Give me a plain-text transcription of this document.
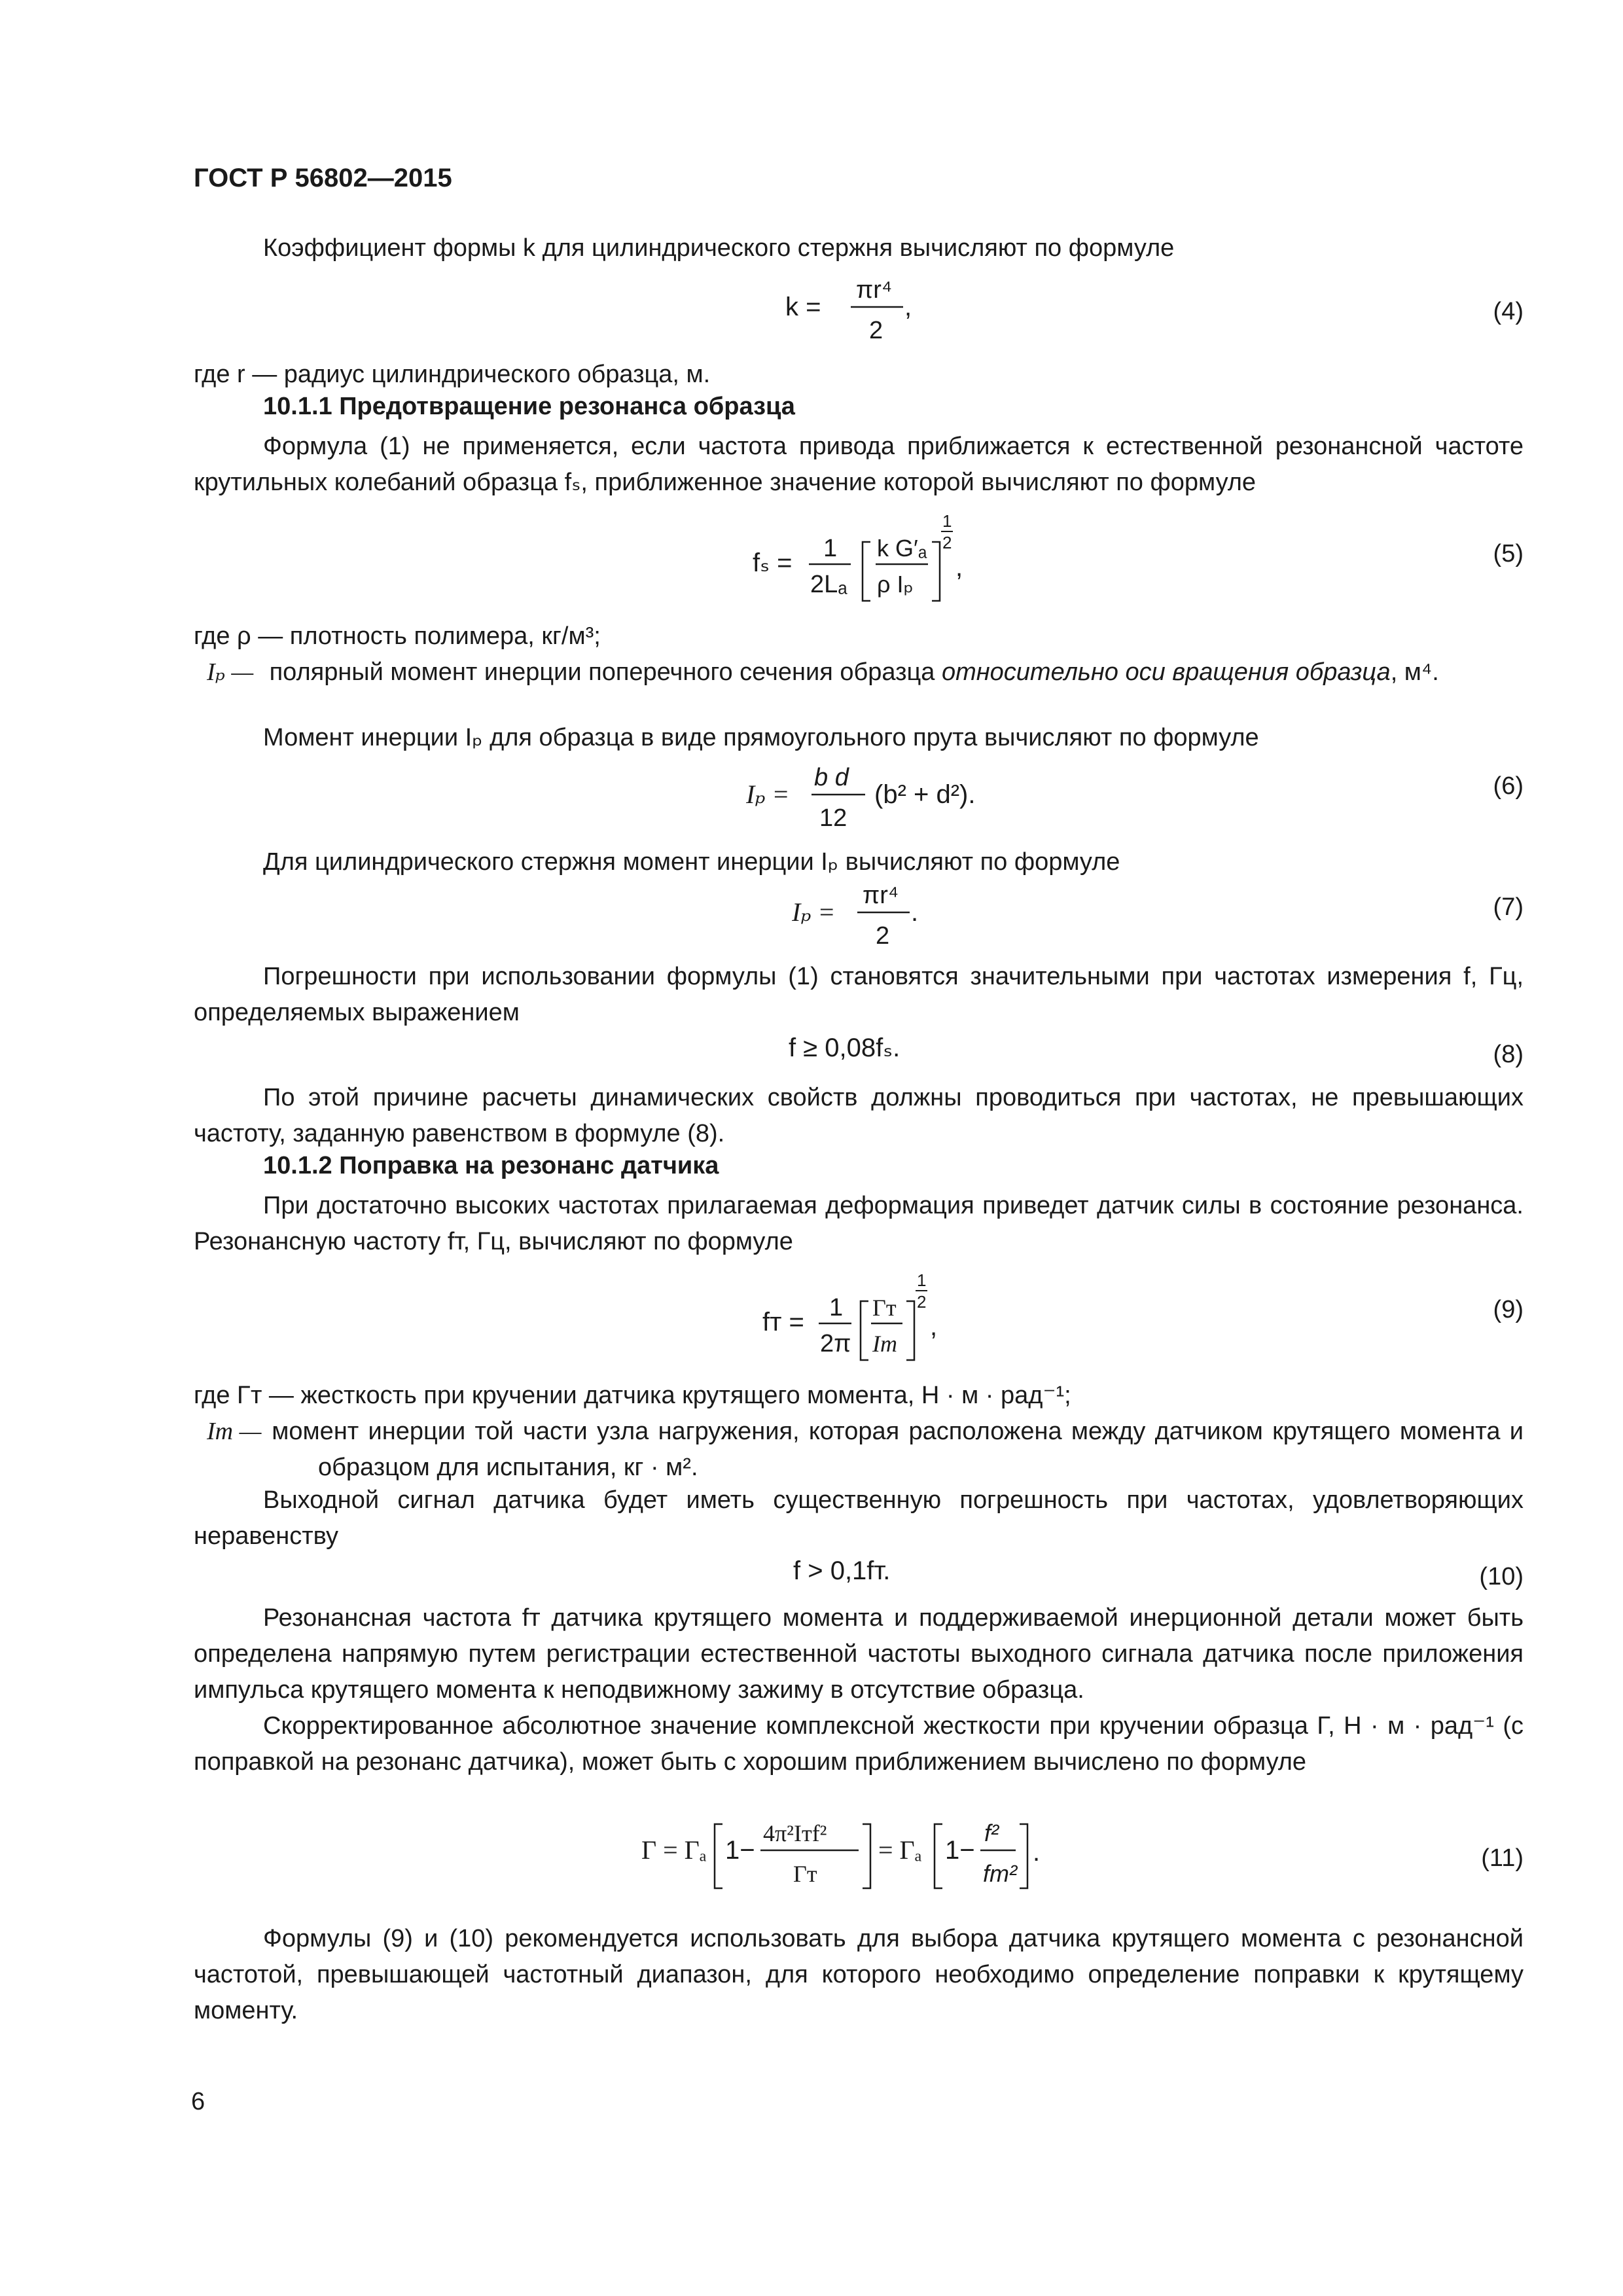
ГОСТ Р 56802—2015
Коэффициент формы k для цилиндрического стержня вычисляют по формуле
k =
πr⁴
2
,	(4)
где r — радиус цилиндрического образца, м.
10.1.1 Предотвращение резонанса образца
Формула (1) не применяется, если частота привода приближается к естественной резонансной частоте крутильных колебаний образца fₛ, приближенное значение которой вычисляют по формуле
fₛ = 1
2Lₐ
k G′ₐ
ρ Iₚ
1
2
,	(5)
где ρ — плотность полимера, кг/м³;
Iₚ — полярный момент инерции поперечного сечения образца относительно оси вращения образца, м⁴.
Момент инерции Iₚ для образца в виде прямоугольного прута вычисляют по формуле
Iₚ =
b d
12
(b² + d²).	(6)
Для цилиндрического стержня момент инерции Iₚ вычисляют по формуле
Iₚ =
πr⁴
2
.	(7)
Погрешности при использовании формулы (1) становятся значительными при частотах измерения f, Гц, определяемых выражением
f ≥ 0,08fₛ.	(8)
По этой причине расчеты динамических свойств должны проводиться при частотах, не превышающих частоту, заданную равенством в формуле (8).
10.1.2 Поправка на резонанс датчика
При достаточно высоких частотах прилагаемая деформация приведет датчик силы в состояние резонанса. Резонансную частоту fт, Гц, вычисляют по формуле
fт = 1
2π
Γт
Iт
1
2
,
(9)
где Γт — жесткость при кручении датчика крутящего момента, Н · м · рад⁻¹;
Iт — момент инерции той части узла нагружения, которая расположена между датчиком крутящего момента и образцом для испытания, кг · м².
Выходной сигнал датчика будет иметь существенную погрешность при частотах, удовлетворяющих неравенству
f > 0,1fт.	(10)
Резонансная частота fт датчика крутящего момента и поддерживаемой инерционной детали может быть определена напрямую путем регистрации естественной частоты выходного сигнала датчика после приложения импульса крутящего момента к неподвижному зажиму в отсутствие образца.
Скорректированное абсолютное значение комплексной жесткости при кручении образца Γ, Н · м · рад⁻¹ (с поправкой на резонанс датчика), может быть с хорошим приближением вычислено по формуле
Γ = Γₐ 1−
4π²Iтf²
Γт
= Γₐ 1−
f²
fт²
.	(11)
Формулы (9) и (10) рекомендуется использовать для выбора датчика крутящего момента с резонансной частотой, превышающей частотный диапазон, для которого необходимо определение поправки к крутящему моменту.
6
